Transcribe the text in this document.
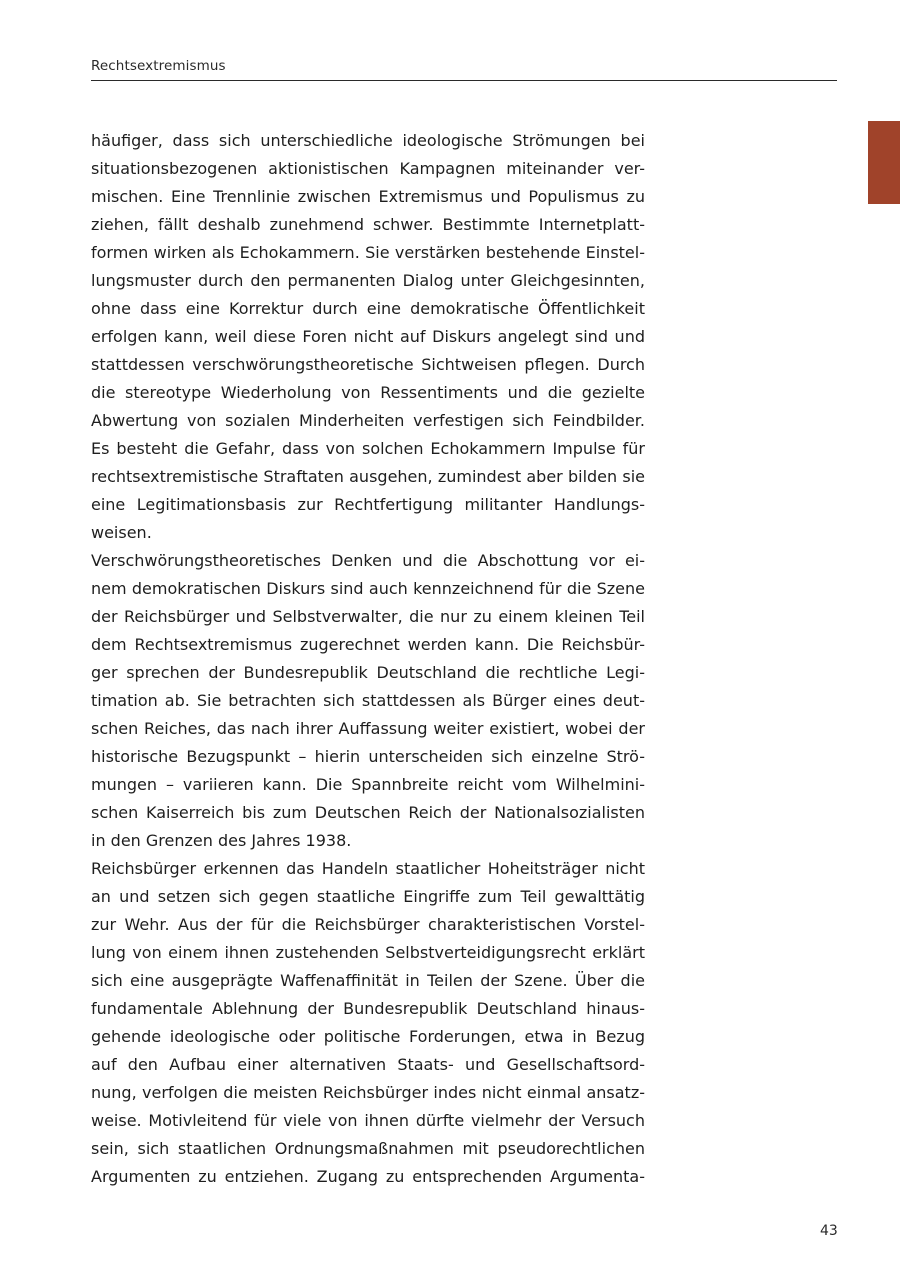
Rechtsextremismus
häufiger, dass sich unterschiedliche ideologische Strömungen bei
situationsbezogenen aktionistischen Kampagnen miteinander ver-
mischen. Eine Trennlinie zwischen Extremismus und Populismus zu
ziehen, fällt deshalb zunehmend schwer. Bestimmte Internetplatt-
formen wirken als Echokammern. Sie verstärken bestehende Einstel-
lungsmuster durch den permanenten Dialog unter Gleichgesinnten,
ohne dass eine Korrektur durch eine demokratische Öffentlichkeit
erfolgen kann, weil diese Foren nicht auf Diskurs angelegt sind und
stattdessen verschwörungstheoretische Sichtweisen pflegen. Durch
die stereotype Wiederholung von Ressentiments und die gezielte
Abwertung von sozialen Minderheiten verfestigen sich Feindbilder.
Es besteht die Gefahr, dass von solchen Echokammern Impulse für
rechtsextremistische Straftaten ausgehen, zumindest aber bilden sie
eine Legitimationsbasis zur Rechtfertigung militanter Handlungs-
weisen.
Verschwörungstheoretisches Denken und die Abschottung vor ei-
nem demokratischen Diskurs sind auch kennzeichnend für die Szene
der Reichsbürger und Selbstverwalter, die nur zu einem kleinen Teil
dem Rechtsextremismus zugerechnet werden kann. Die Reichsbür-
ger sprechen der Bundesrepublik Deutschland die rechtliche Legi-
timation ab. Sie betrachten sich stattdessen als Bürger eines deut-
schen Reiches, das nach ihrer Auffassung weiter existiert, wobei der
historische Bezugspunkt – hierin unterscheiden sich einzelne Strö-
mungen – variieren kann. Die Spannbreite reicht vom Wilhelmini-
schen Kaiserreich bis zum Deutschen Reich der Nationalsozialisten
in den Grenzen des Jahres 1938.
Reichsbürger erkennen das Handeln staatlicher Hoheitsträger nicht
an und setzen sich gegen staatliche Eingriffe zum Teil gewalttätig
zur Wehr. Aus der für die Reichsbürger charakteristischen Vorstel-
lung von einem ihnen zustehenden Selbstverteidigungsrecht erklärt
sich eine ausgeprägte Waffenaffinität in Teilen der Szene. Über die
fundamentale Ablehnung der Bundesrepublik Deutschland hinaus-
gehende ideologische oder politische Forderungen, etwa in Bezug
auf den Aufbau einer alternativen Staats- und Gesellschaftsord-
nung, verfolgen die meisten Reichsbürger indes nicht einmal ansatz-
weise. Motivleitend für viele von ihnen dürfte vielmehr der Versuch
sein, sich staatlichen Ordnungsmaßnahmen mit pseudorechtlichen
Argumenten zu entziehen. Zugang zu entsprechenden Argumenta-
43
